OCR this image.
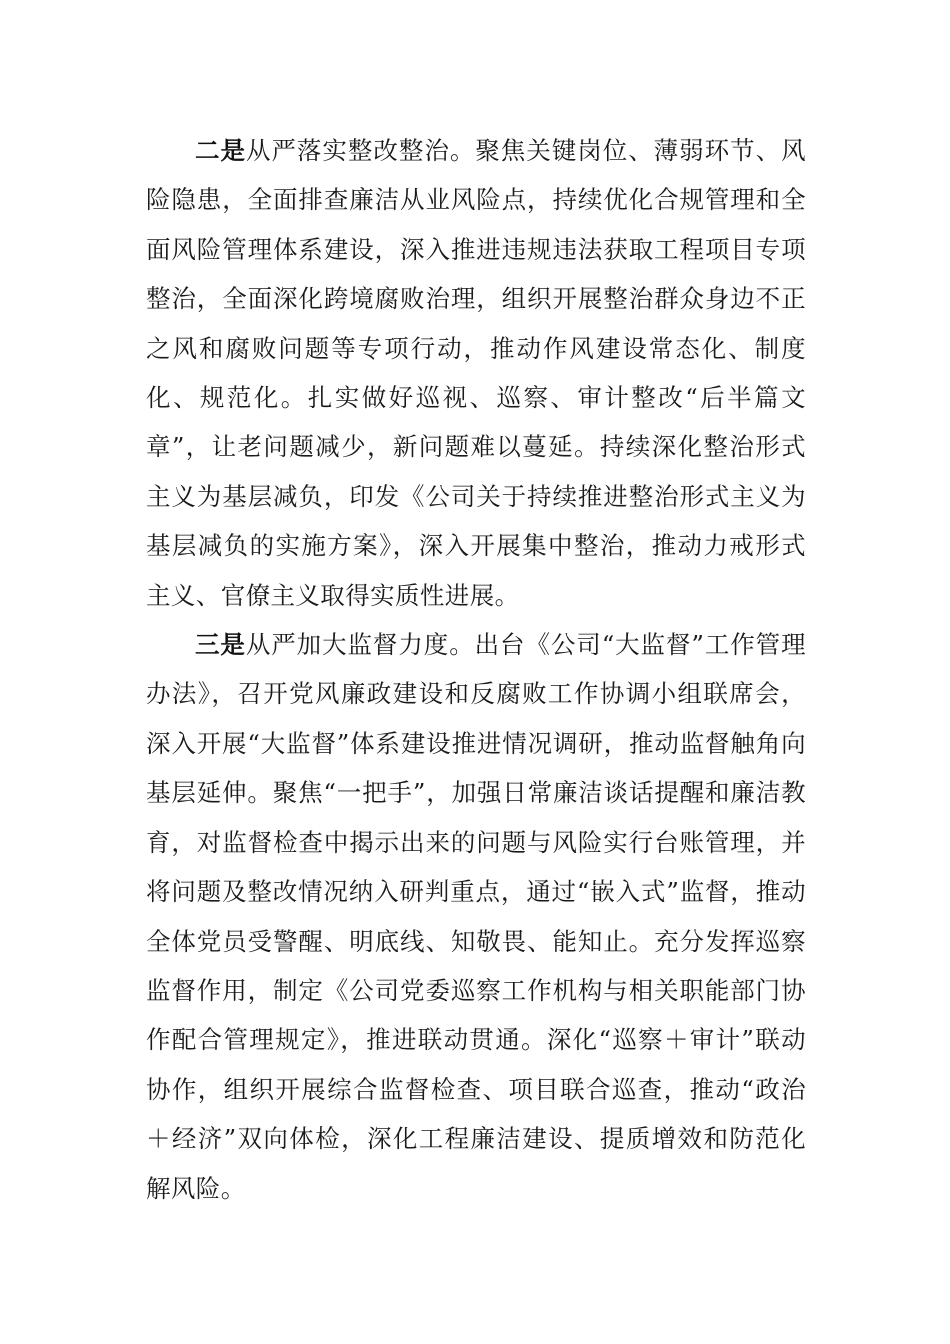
二是从严落实整改整治。聚焦关键岗位、薄弱环节、风险隐患，全面排查廉洁从业风险点，持续优化合规管理和全面风险管理体系建设，深入推进违规违法获取工程项目专项整治，全面深化跨境腐败治理，组织开展整治群众身边不正之风和腐败问题等专项行动，推动作风建设常态化、制度化、规范化。扎实做好巡视、巡察、审计整改“后半篇文章”，让老问题减少，新问题难以蔓延。持续深化整治形式主义为基层减负，印发《公司关于持续推进整治形式主义为基层减负的实施方案》，深入开展集中整治，推动力戒形式主义、官僚主义取得实质性进展。

三是从严加大监督力度。出台《公司“大监督”工作管理办法》，召开党风廉政建设和反腐败工作协调小组联席会，深入开展“大监督”体系建设推进情况调研，推动监督触角向基层延伸。聚焦“一把手”，加强日常廉洁谈话提醒和廉洁教育，对监督检查中揭示出来的问题与风险实行台账管理，并将问题及整改情况纳入研判重点，通过“嵌入式”监督，推动全体党员受警醒、明底线、知敬畏、能知止。充分发挥巡察监督作用，制定《公司党委巡察工作机构与相关职能部门协作配合管理规定》，推进联动贯通。深化“巡察＋审计”联动协作，组织开展综合监督检查、项目联合巡查，推动“政治＋经济”双向体检，深化工程廉洁建设、提质增效和防范化解风险。
